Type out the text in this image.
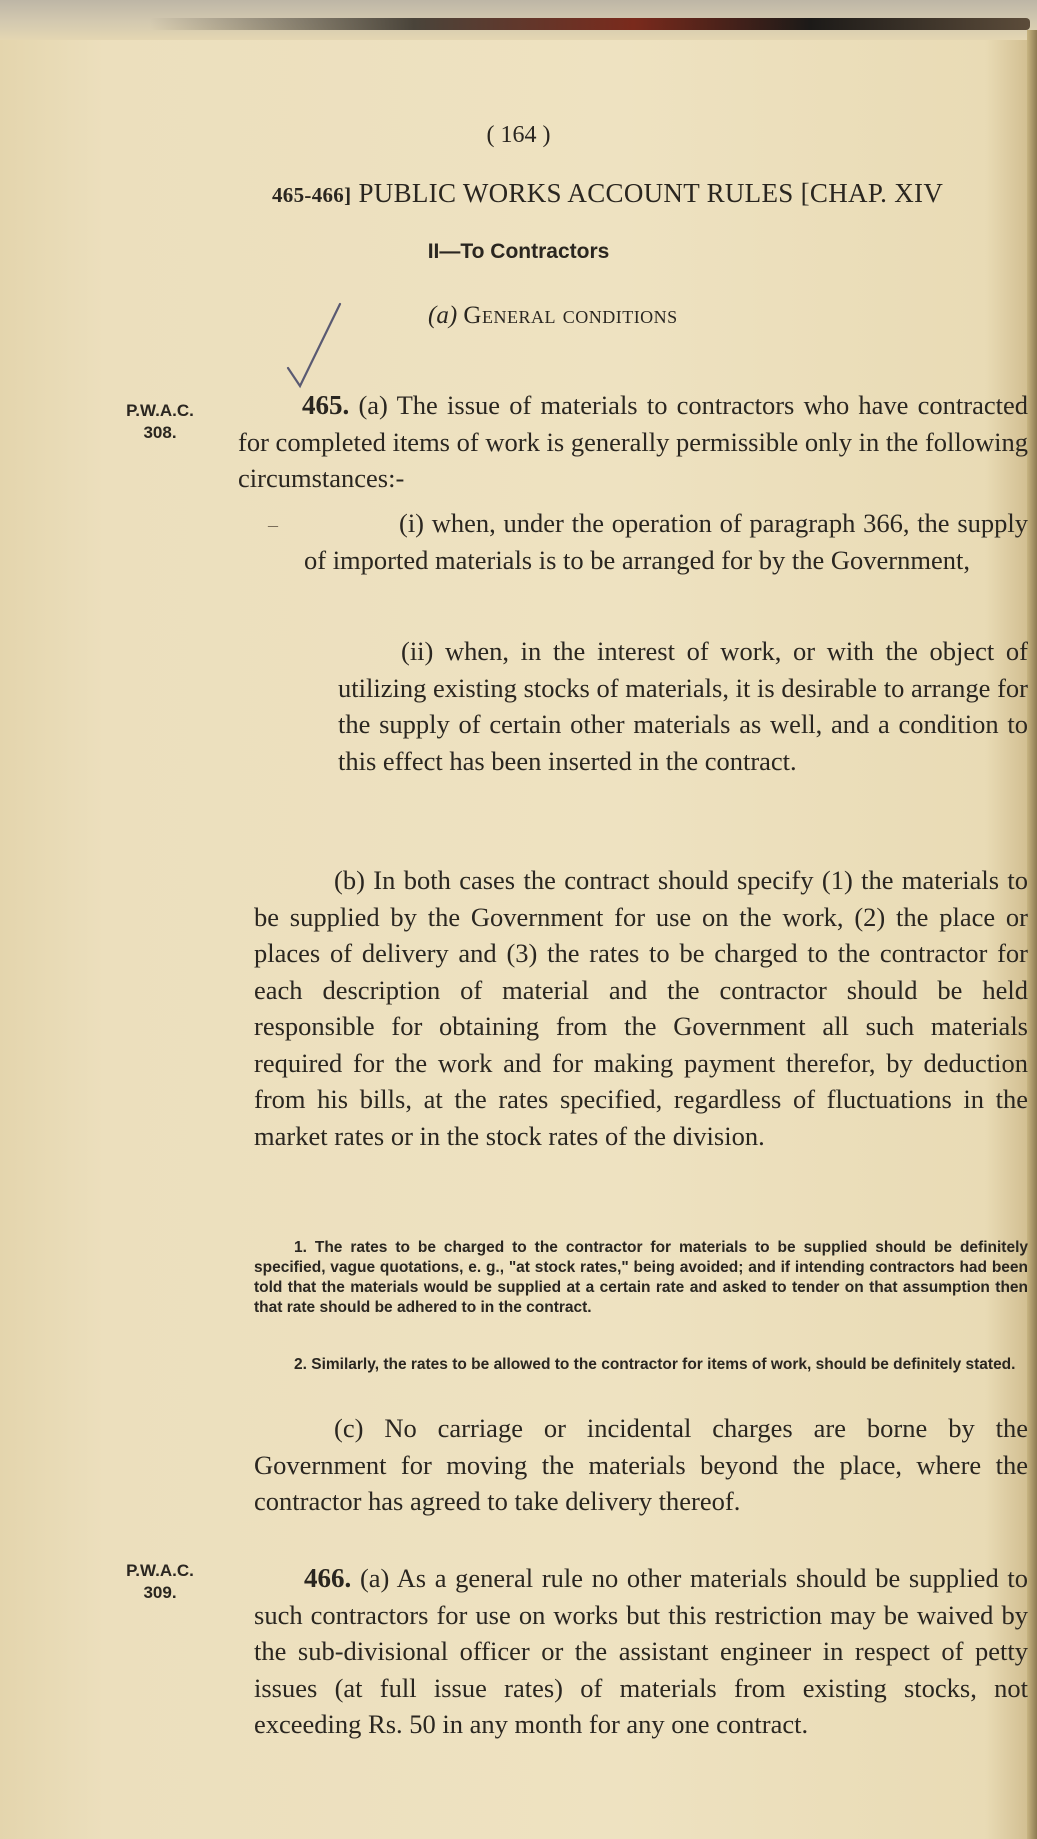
( 164 )
465-466] PUBLIC WORKS ACCOUNT RULES [CHAP. XIV
II—To Contractors
(a) General conditions
P.W.A.C.
308.
P.W.A.C.
309.

465. (a) The issue of materials to contractors who have contracted for completed items of work is generally permissible only in the following circumstances:-

–	(i) when, under the operation of paragraph 366, the supply of imported materials is to be arranged for by the Government,

(ii) when, in the interest of work, or with the object of utilizing existing stocks of materials, it is desirable to arrange for the supply of certain other materials as well, and a condition to this effect has been inserted in the contract.

(b) In both cases the contract should specify (1) the materials to be supplied by the Government for use on the work, (2) the place or places of delivery and (3) the rates to be charged to the contractor for each description of material and the contractor should be held responsible for obtaining from the Government all such materials required for the work and for making payment therefor, by deduction from his bills, at the rates specified, regardless of fluctuations in the market rates or in the stock rates of the division.

1. The rates to be charged to the contractor for materials to be supplied should be definitely specified, vague quotations, e. g., "at stock rates," being avoided; and if intending contractors had been told that the materials would be supplied at a certain rate and asked to tender on that assumption then that rate should be adhered to in the contract.

2. Similarly, the rates to be allowed to the contractor for items of work, should be definitely stated.

(c) No carriage or incidental charges are borne by the Government for moving the materials beyond the place, where the contractor has agreed to take delivery thereof.

466. (a) As a general rule no other materials should be supplied to such contractors for use on works but this restriction may be waived by the sub-divisional officer or the assistant engineer in respect of petty issues (at full issue rates) of materials from existing stocks, not exceeding Rs. 50 in any month for any one contract.
